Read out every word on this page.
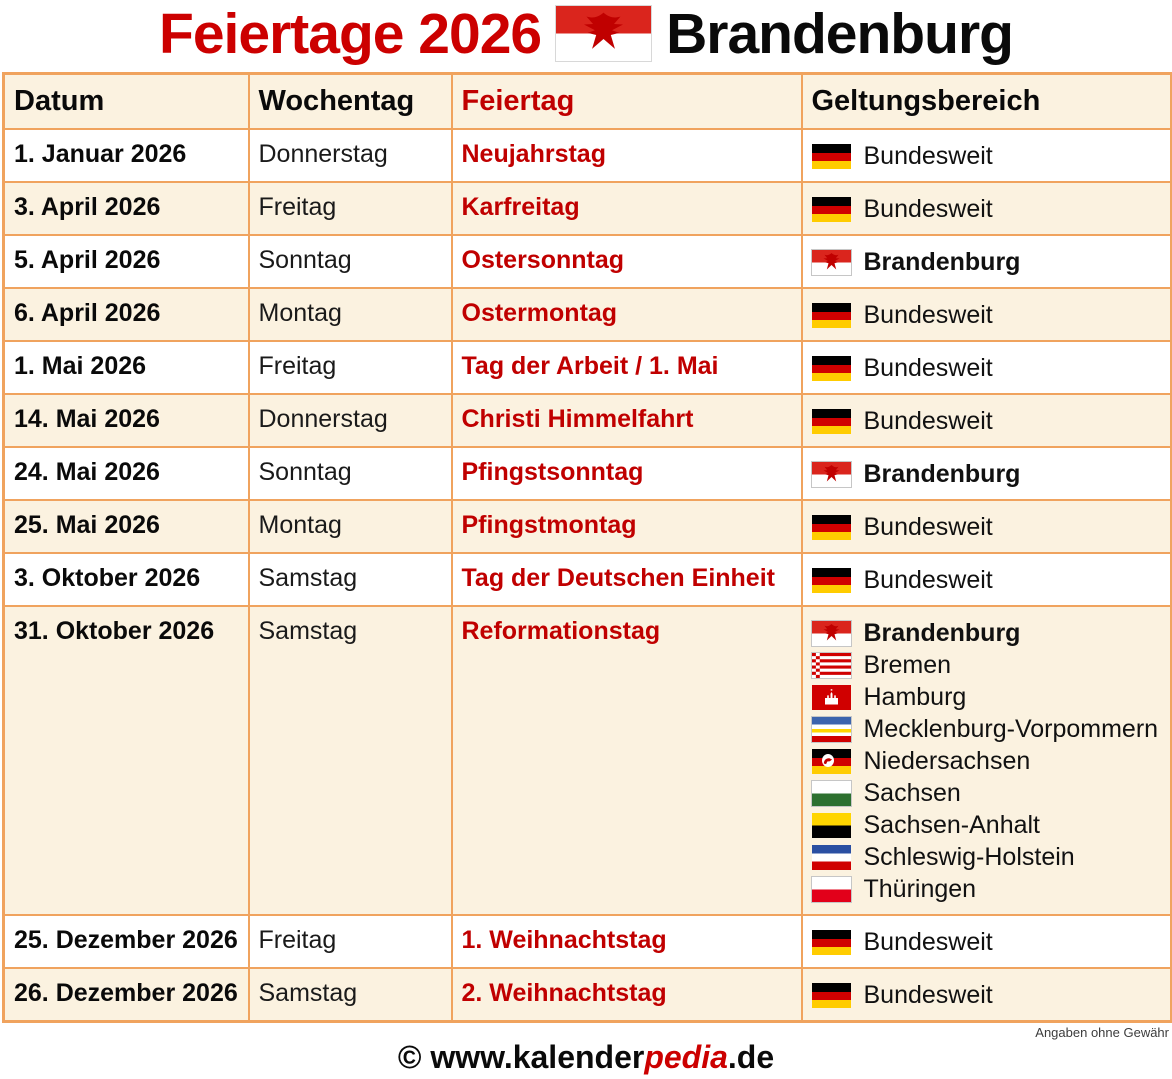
Feiertage 2026 Brandenburg
Datum	Wochentag	Feiertag	Geltungsbereich
1. Januar 2026	Donnerstag	Neujahrstag	Bundesweit

3. April 2026	Freitag	Karfreitag	Bundesweit

5. April 2026	Sonntag	Ostersonntag	Brandenburg

6. April 2026	Montag	Ostermontag	Bundesweit

1. Mai 2026	Freitag	Tag der Arbeit / 1. Mai	Bundesweit

14. Mai 2026	Donnerstag	Christi Himmelfahrt	Bundesweit

24. Mai 2026	Sonntag	Pfingstsonntag	Brandenburg

25. Mai 2026	Montag	Pfingstmontag	Bundesweit

3. Oktober 2026	Samstag	Tag der Deutschen Einheit	Bundesweit

31. Oktober 2026	Samstag	Reformationstag	Brandenburg
Bremen
Hamburg
Mecklenburg-Vorpommern
Niedersachsen
Sachsen
Sachsen-Anhalt
Schleswig-Holstein
Thüringen

25. Dezember 2026	Freitag	1. Weihnachtstag	Bundesweit

26. Dezember 2026	Samstag	2. Weihnachtstag	Bundesweit
Angaben ohne Gewähr
© www.kalenderpedia.de
